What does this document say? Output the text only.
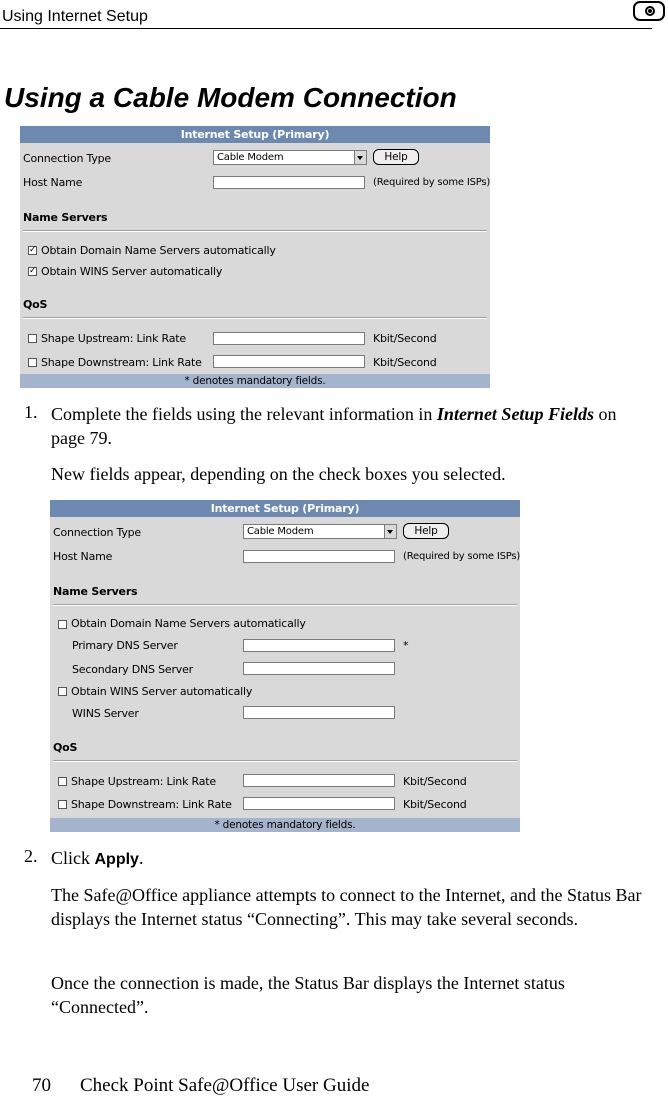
Using Internet Setup
Using a Cable Modem Connection
Internet Setup (Primary)
Connection Type	Cable Modem	Help
Host Name	(Required by some ISPs)
Name Servers
✓ Obtain Domain Name Servers automatically
✓ Obtain WINS Server automatically
QoS
Shape Upstream: Link Rate	Kbit/Second
Shape Downstream: Link Rate	Kbit/Second
* denotes mandatory fields.
1. Complete the fields using the relevant information in Internet Setup Fields on page 79.
New fields appear, depending on the check boxes you selected.
Internet Setup (Primary)
Connection Type	Cable Modem	Help
Host Name	(Required by some ISPs)
Name Servers
Obtain Domain Name Servers automatically
Primary DNS Server	*
Secondary DNS Server
Obtain WINS Server automatically
WINS Server
QoS
Shape Upstream: Link Rate	Kbit/Second
Shape Downstream: Link Rate	Kbit/Second
* denotes mandatory fields.
2. Click Apply.
The Safe@Office appliance attempts to connect to the Internet, and the Status Bar displays the Internet status “Connecting”. This may take several seconds.
Once the connection is made, the Status Bar displays the Internet status “Connected”.
70 Check Point Safe@Office User Guide
